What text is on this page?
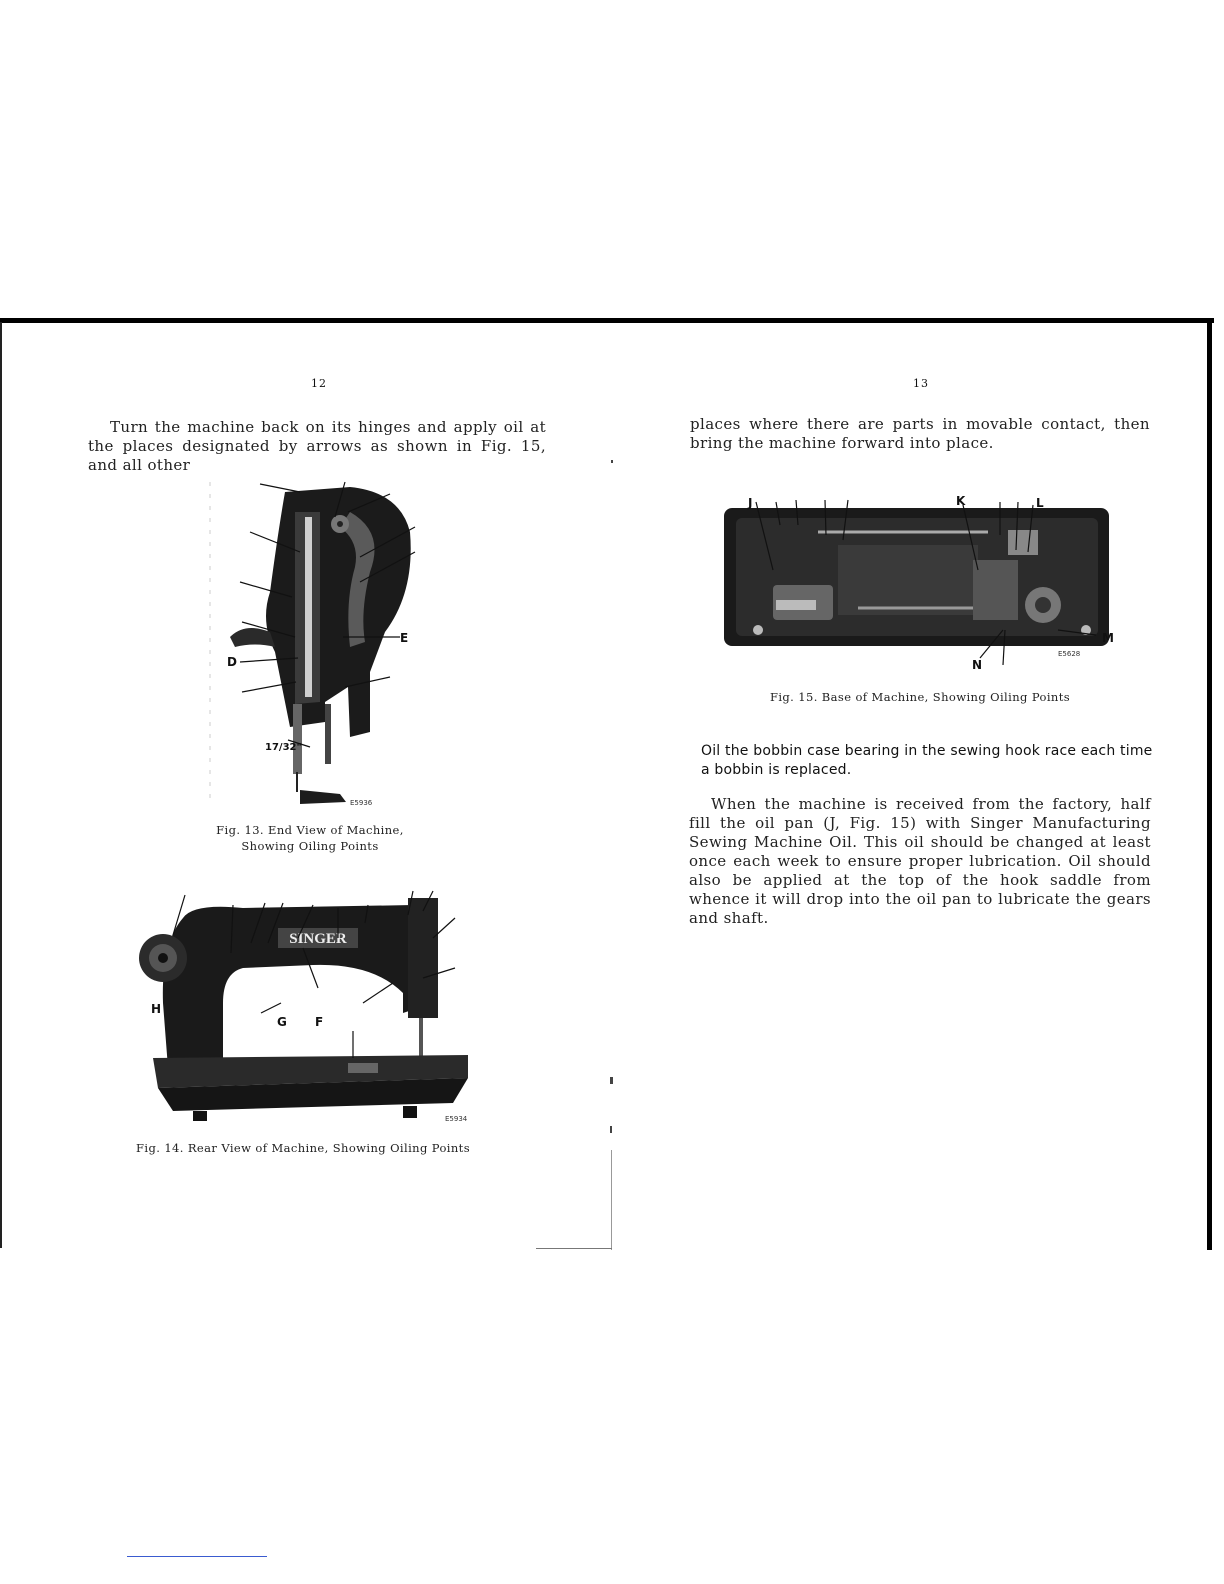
12
Turn the machine back on its hinges and apply oil at the places designated by arrows as shown in Fig. 15, and all other
E
D
17/32"
E5936
Fig. 13. End View of Machine,
Showing Oiling Points
SINGER
H
G F
E5934
Fig. 14. Rear View of Machine, Showing Oiling Points
13
places where there are parts in movable contact, then bring the machine forward into place.
J	K	L
M
N
E5628
Fig. 15. Base of Machine, Showing Oiling Points
Oil the bobbin case bearing in the sewing hook race each time a bobbin is replaced.
When the machine is received from the factory, half fill the oil pan (J, Fig. 15) with Singer Manufacturing Sewing Machine Oil. This oil should be changed at least once each week to ensure proper lubrication. Oil should also be applied at the top of the hook saddle from whence it will drop into the oil pan to lubricate the gears and shaft.
